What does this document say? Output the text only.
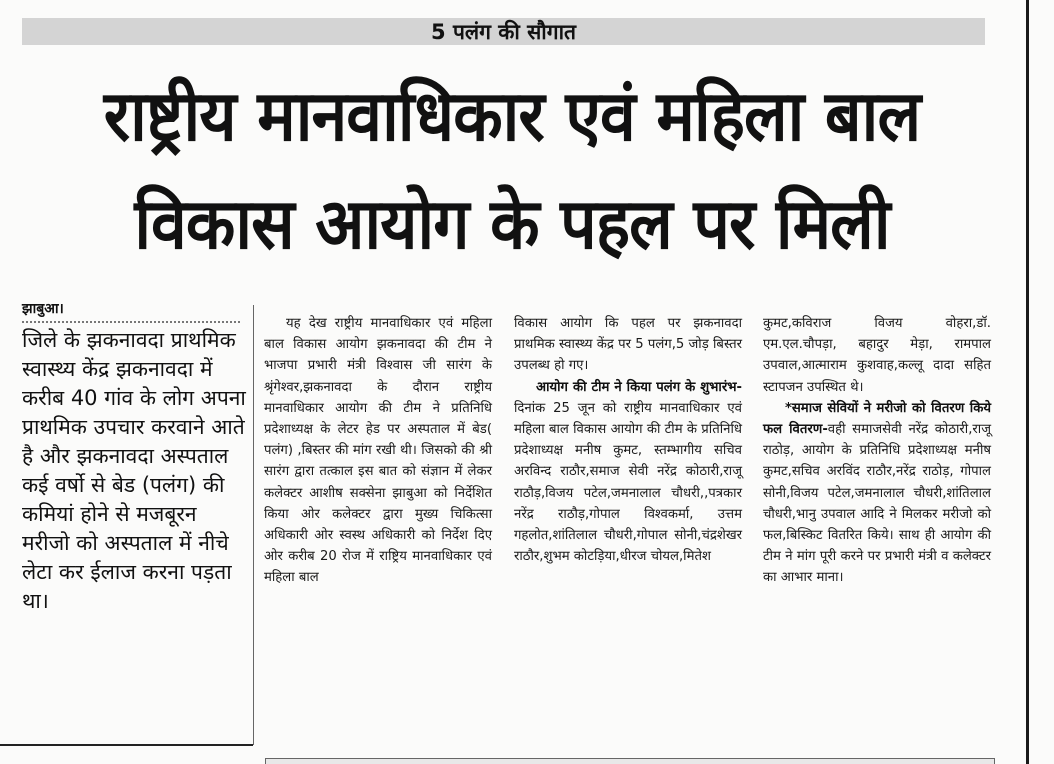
5 पलंग की सौगात
राष्ट्रीय मानवाधिकार एवं महिला बाल
विकास आयोग के पहल पर मिली
झाबुआ।

जिले के झकनावदा प्राथमिक स्वास्थ्य केंद्र झकनावदा में करीब 40 गांव के लोग अपना प्राथमिक उपचार करवाने आते है और झकनावदा अस्पताल कई वर्षो से बेड (पलंग) की कमियां होने से मजबूरन मरीजो को अस्पताल में नीचे लेटा कर ईलाज करना पड़ता था।

यह देख राष्ट्रीय मानवाधिकार एवं महिला बाल विकास आयोग झकनावदा की टीम ने भाजपा प्रभारी मंत्री विश्वास जी सारंग के श्रृंगेश्वर,झकनावदा के दौरान राष्ट्रीय मानवाधिकार आयोग की टीम ने प्रतिनिधि प्रदेशाध्यक्ष के लेटर हेड पर अस्पताल में बेड( पलंग) ,बिस्तर की मांग रखी थी। जिसको की श्री सारंग द्वारा तत्काल इस बात को संज्ञान में लेकर कलेक्टर आशीष सक्सेना झाबुआ को निर्देशित किया ओर कलेक्टर द्वारा मुख्य चिकित्सा अधिकारी ओर स्वस्थ अधिकारी को निर्देश दिए ओर करीब 20 रोज में राष्ट्रिय मानवाधिकार एवं महिला बाल

विकास आयोग कि पहल पर झकनावदा प्राथमिक स्वास्थ्य केंद्र पर 5 पलंग,5 जोड़ बिस्तर उपलब्ध हो गए।

आयोग की टीम ने किया पलंग के शुभारंभ-दिनांक 25 जून को राष्ट्रीय मानवाधिकार एवं महिला बाल विकास आयोग की टीम के प्रतिनिधि प्रदेशाध्यक्ष मनीष कुमट, स्तम्भागीय सचिव अरविन्द राठौर,समाज सेवी नरेंद्र कोठारी,राजू राठौड़,विजय पटेल,जमनालाल चौधरी,,पत्रकार नरेंद्र राठौड़,गोपाल विश्वकर्मा, उत्तम गहलोत,शांतिलाल चौधरी,गोपाल सोनी,चंद्रशेखर राठौर,शुभम कोटड़िया,धीरज चोयल,मितेश

कुमट,कविराज विजय वोहरा,डॉ. एम.एल.चौपड़ा, बहादुर मेड़ा, रामपाल उपवाल,आत्माराम कुशवाह,कल्लू दादा सहित स्टापजन उपस्थित थे।

*समाज सेवियों ने मरीजो को वितरण किये फल वितरण-वही समाजसेवी नरेंद्र कोठारी,राजू राठोड़, आयोग के प्रतिनिधि प्रदेशाध्यक्ष मनीष कुमट,सचिव अरविंद राठौर,नरेंद्र राठोड़, गोपाल सोनी,विजय पटेल,जमनालाल चौधरी,शांतिलाल चौधरी,भानु उपवाल आदि ने मिलकर मरीजो को फल,बिस्किट वितरित किये। साथ ही आयोग की टीम ने मांग पूरी करने पर प्रभारी मंत्री व कलेक्टर का आभार माना।
